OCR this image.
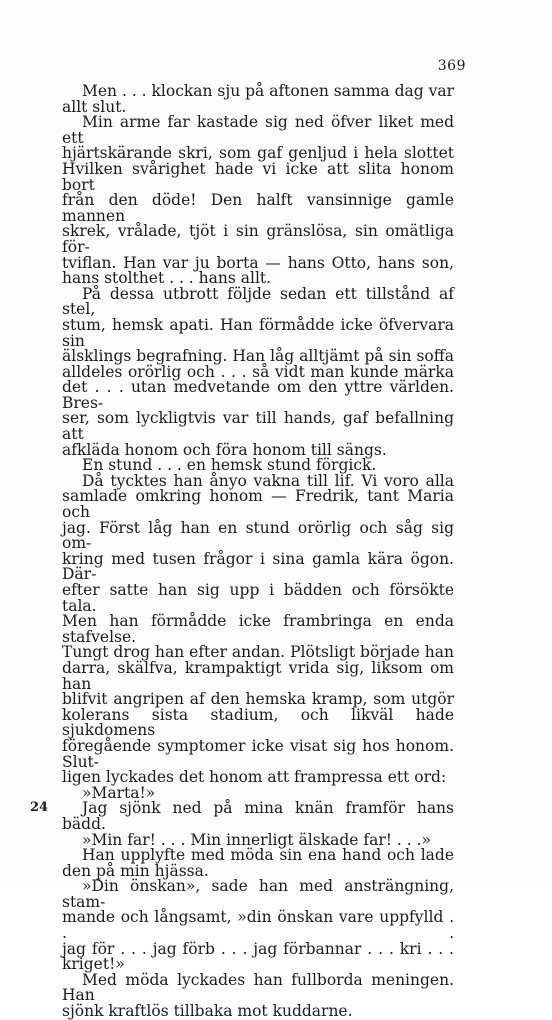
369
Men . . . klockan sju på aftonen samma dag var
allt slut.
Min arme far kastade sig ned öfver liket med ett
hjärtskärande skri, som gaf genljud i hela slottet
Hvilken svårighet hade vi icke att slita honom bort
från den döde! Den halft vansinnige gamle mannen
skrek, vrålade, tjöt i sin gränslösa, sin omätliga för-
tviflan. Han var ju borta — hans Otto, hans son,
hans stolthet . . . hans allt.
På dessa utbrott följde sedan ett tillstånd af stel,
stum, hemsk apati. Han förmådde icke öfvervara sin
älsklings begrafning. Han låg alltjämt på sin soffa
alldeles orörlig och . . . så vidt man kunde märka
det . . . utan medvetande om den yttre världen. Bres-
ser, som lyckligtvis var till hands, gaf befallning att
afkläda honom och föra honom till sängs.
En stund . . . en hemsk stund förgick.
Då tycktes han ånyo vakna till lif. Vi voro alla
samlade omkring honom — Fredrik, tant Maria och
jag. Först låg han en stund orörlig och såg sig om-
kring med tusen frågor i sina gamla kära ögon. Där-
efter satte han sig upp i bädden och försökte tala.
Men han förmådde icke frambringa en enda stafvelse.
Tungt drog han efter andan. Plötsligt började han
darra, skälfva, krampaktigt vrida sig, liksom om han
blifvit angripen af den hemska kramp, som utgör
kolerans sista stadium, och likväl hade sjukdomens
föregående symptomer icke visat sig hos honom. Slut-
ligen lyckades det honom att frampressa ett ord:
»Marta!»
Jag sjönk ned på mina knän framför hans bädd.
»Min far! . . . Min innerligt älskade far! . . .»
Han upplyfte med möda sin ena hand och lade
den på min hjässa.
»Din önskan», sade han med ansträngning, stam-
mande och långsamt, »din önskan vare uppfylld . . .
jag för . . . jag förb . . . jag förbannar . . . kri . . .
kriget!»
Med möda lyckades han fullborda meningen. Han
sjönk kraftlös tillbaka mot kuddarne.
24
